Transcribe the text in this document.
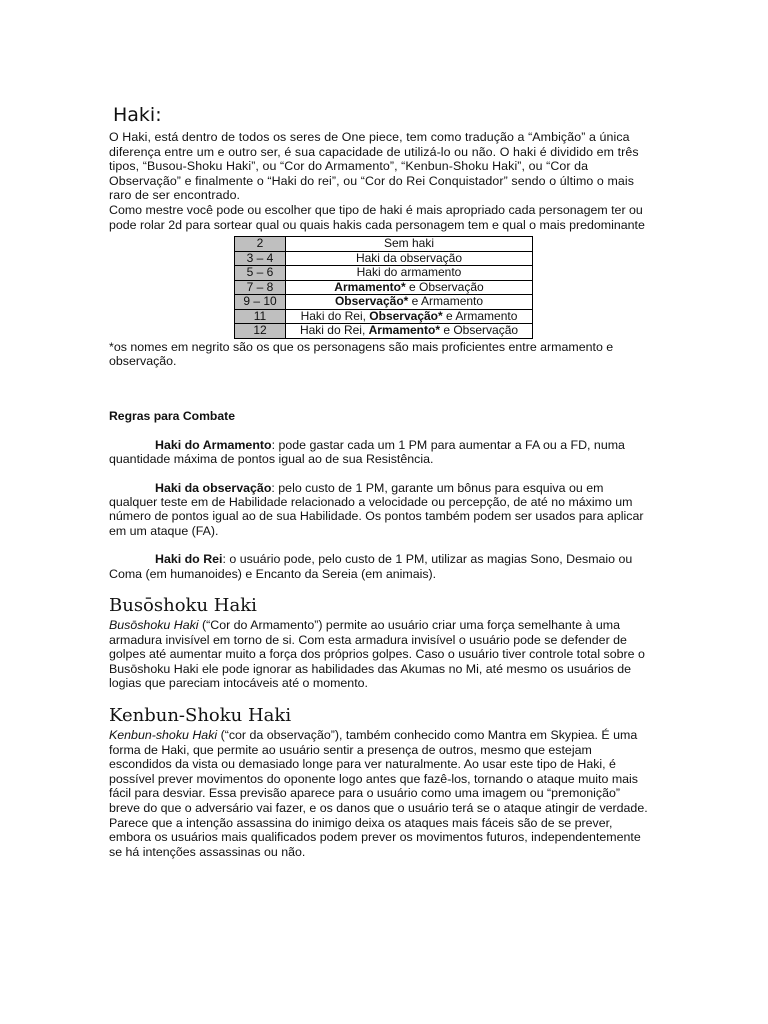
Haki:

O Haki, está dentro de todos os seres de One piece, tem como tradução a “Ambição” a única diferença entre um e outro ser, é sua capacidade de utilizá-lo ou não. O haki é dividido em três tipos, “Busou-Shoku Haki”, ou “Cor do Armamento”, “Kenbun-Shoku Haki”, ou “Cor da Observação” e finalmente o “Haki do rei”, ou “Cor do Rei Conquistador” sendo o último o mais raro de ser encontrado.

Como mestre você pode ou escolher que tipo de haki é mais apropriado cada personagem ter ou pode rolar 2d para sortear qual ou quais hakis cada personagem tem e qual o mais predominante

2	Sem haki
3 – 4	Haki da observação
5 – 6	Haki do armamento
7 – 8	Armamento* e Observação
9 – 10	Observação* e Armamento
11	Haki do Rei, Observação* e Armamento
12	Haki do Rei, Armamento* e Observação

*os nomes em negrito são os que os personagens são mais proficientes entre armamento e observação.

Regras para Combate

Haki do Armamento: pode gastar cada um 1 PM para aumentar a FA ou a FD, numa quantidade máxima de pontos igual ao de sua Resistência.

Haki da observação: pelo custo de 1 PM, garante um bônus para esquiva ou em qualquer teste em de Habilidade relacionado a velocidade ou percepção, de até no máximo um número de pontos igual ao de sua Habilidade. Os pontos também podem ser usados para aplicar em um ataque (FA).

Haki do Rei: o usuário pode, pelo custo de 1 PM, utilizar as magias Sono, Desmaio ou Coma (em humanoides) e Encanto da Sereia (em animais).

Busōshoku Haki

Busōshoku Haki (“Cor do Armamento”) permite ao usuário criar uma força semelhante à uma armadura invisível em torno de si. Com esta armadura invisível o usuário pode se defender de golpes até aumentar muito a força dos próprios golpes. Caso o usuário tiver controle total sobre o Busōshoku Haki ele pode ignorar as habilidades das Akumas no Mi, até mesmo os usuários de logias que pareciam intocáveis até o momento.

Kenbun-Shoku Haki

Kenbun-shoku Haki (“cor da observação”), também conhecido como Mantra em Skypiea. É uma forma de Haki, que permite ao usuário sentir a presença de outros, mesmo que estejam escondidos da vista ou demasiado longe para ver naturalmente. Ao usar este tipo de Haki, é possível prever movimentos do oponente logo antes que fazê-los, tornando o ataque muito mais fácil para desviar. Essa previsão aparece para o usuário como uma imagem ou “premonição” breve do que o adversário vai fazer, e os danos que o usuário terá se o ataque atingir de verdade. Parece que a intenção assassina do inimigo deixa os ataques mais fáceis são de se prever, embora os usuários mais qualificados podem prever os movimentos futuros, independentemente se há intenções assassinas ou não.
